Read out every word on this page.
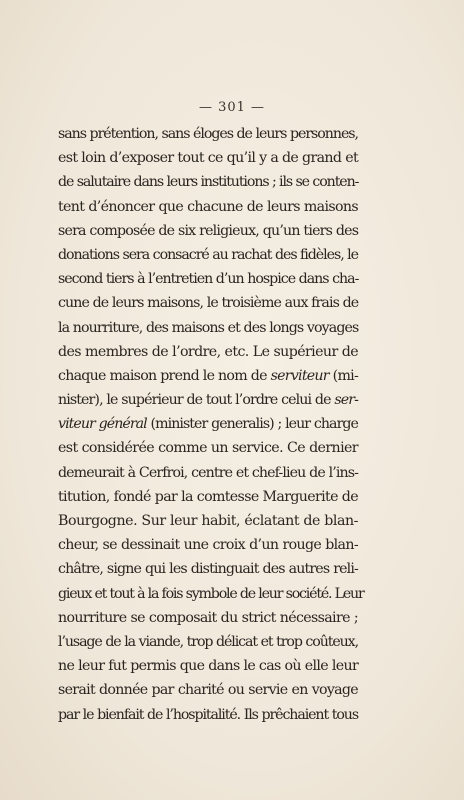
— 301 —
sans prétention, sans éloges de leurs personnes,
est loin d’exposer tout ce qu’il y a de grand et
de salutaire dans leurs institutions ; ils se conten-
tent d’énoncer que chacune de leurs maisons
sera composée de six religieux, qu’un tiers des
donations sera consacré au rachat des fidèles, le
second tiers à l’entretien d’un hospice dans cha-
cune de leurs maisons, le troisième aux frais de
la nourriture, des maisons et des longs voyages
des membres de l’ordre, etc. Le supérieur de
chaque maison prend le nom de serviteur (mi-
nister), le supérieur de tout l’ordre celui de ser-
viteur général (minister generalis) ; leur charge
est considérée comme un service. Ce dernier
demeurait à Cerfroi, centre et chef-lieu de l’ins-
titution, fondé par la comtesse Marguerite de
Bourgogne. Sur leur habit, éclatant de blan-
cheur, se dessinait une croix d’un rouge blan-
châtre, signe qui les distinguait des autres reli-
gieux et tout à la fois symbole de leur société. Leur
nourriture se composait du strict nécessaire ;
l’usage de la viande, trop délicat et trop coûteux,
ne leur fut permis que dans le cas où elle leur
serait donnée par charité ou servie en voyage
par le bienfait de l’hospitalité. Ils prêchaient tous
